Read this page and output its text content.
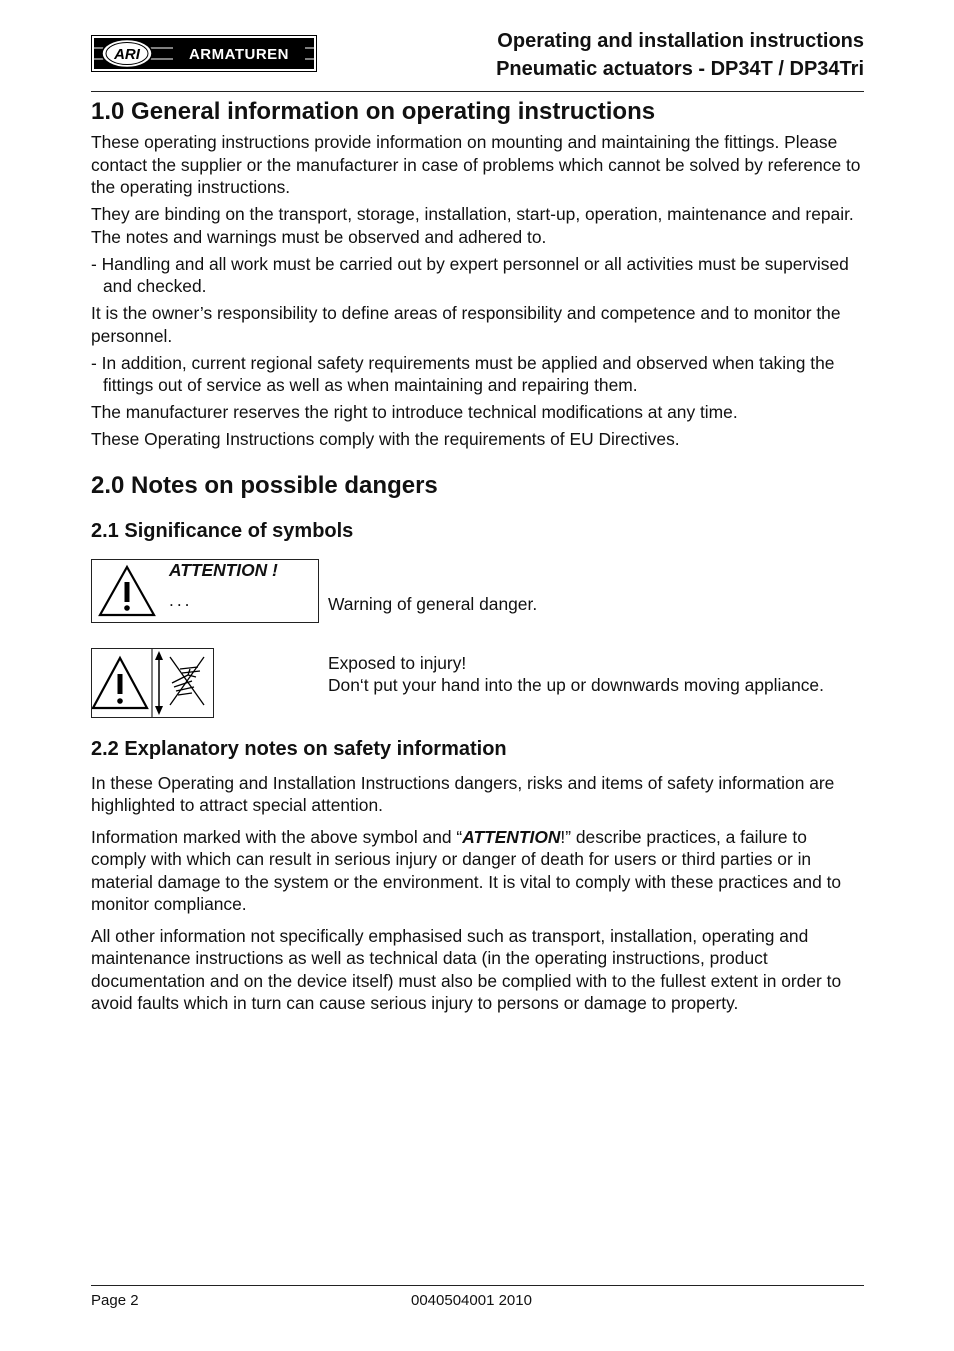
ARI	ARMATUREN
Operating and installation instructions
Pneumatic actuators - DP34T / DP34Tri
1.0 General information on operating instructions

These operating instructions provide information on mounting and maintaining the fittings. Please contact the supplier or the manufacturer in case of problems which cannot be solved by reference to the operating instructions.

They are binding on the transport, storage, installation, start-up, operation, maintenance and repair.

The notes and warnings must be observed and adhered to.

- Handling and all work must be carried out by expert personnel or all activities must be supervised and checked.

It is the owner’s responsibility to define areas of responsibility and competence and to monitor the personnel.

- In addition, current regional safety requirements must be applied and observed when taking the fittings out of service as well as when maintaining and repairing them.

The manufacturer reserves the right to introduce technical modifications at any time.

These Operating Instructions comply with the requirements of EU Directives.

2.0 Notes on possible dangers
2.1 Significance of symbols
ATTENTION !
...	Warning of general danger.

Exposed to injury!

Don‘t put your hand into the up or downwards moving appliance.

2.2 Explanatory notes on safety information

In these Operating and Installation Instructions dangers, risks and items of safety information are highlighted to attract special attention.

Information marked with the above symbol and “ATTENTION!” describe practices, a failure to comply with which can result in serious injury or danger of death for users or third parties or in material damage to the system or the environment. It is vital to comply with these practices and to monitor compliance.

All other information not specifically emphasised such as transport, installation, operating and maintenance instructions as well as technical data (in the operating instructions, product documentation and on the device itself) must also be complied with to the fullest extent in order to avoid faults which in turn can cause serious injury to persons or damage to property.

Page 2	0040504001 2010
